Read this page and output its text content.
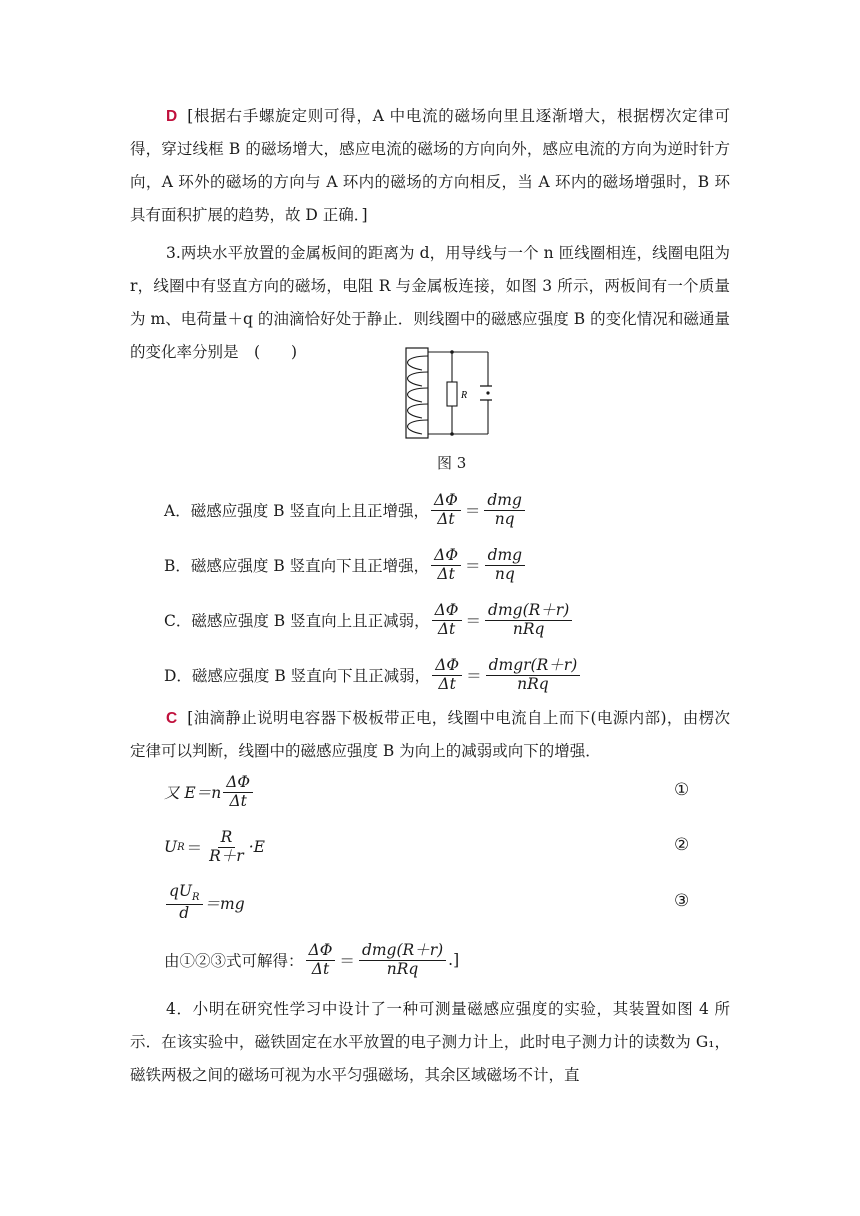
D [根据右手螺旋定则可得，A 中电流的磁场向里且逐渐增大，根据楞次定律可得，穿过线框 B 的磁场增大，感应电流的磁场的方向向外，感应电流的方向为逆时针方向，A 环外的磁场的方向与 A 环内的磁场的方向相反，当 A 环内的磁场增强时，B 环具有面积扩展的趋势，故 D 正确．]
3.两块水平放置的金属板间的距离为 d，用导线与一个 n 匝线圈相连，线圈电阻为 r，线圈中有竖直方向的磁场，电阻 R 与金属板连接，如图 3 所示，两板间有一个质量为 m、电荷量＋q 的油滴恰好处于静止．则线圈中的磁感应强度 B 的变化情况和磁通量的变化率分别是　(　　)
R
图 3
A．磁感应强度 B 竖直向上且正增强， $\frac{\Delta\Phi}{\Delta t} = \frac{\text{dmg}}{nq}$
B．磁感应强度 B 竖直向下且正增强， $\frac{\Delta\Phi}{\Delta t} = \frac{\text{dmg}}{nq}$
C．磁感应强度 B 竖直向上且正减弱， $\frac{\Delta\Phi}{\Delta t} = \frac{\text{dmg(R＋r)}}{\text{nRq}}$
D．磁感应强度 B 竖直向下且正减弱， $\frac{\Delta\Phi}{\Delta t} = \frac{\text{dmgr(R＋r)}}{\text{nRq}}$
C [油滴静止说明电容器下极板带正电，线圈中电流自上而下(电源内部)，由楞次定律可以判断，线圈中的磁感应强度 B 为向上的减弱或向下的增强．
又 $E=n \frac{\Delta\Phi}{\Delta t}$	①
U $R = \frac{R}{R+r} \cdot E$	②
$\frac{qU_R}{d} =mg$	③
由①②③式可解得： $\frac{\Delta\Phi}{\Delta t} = \frac{\text{dmg(R＋r)}}{\text{nRq}}$ .]
4．小明在研究性学习中设计了一种可测量磁感应强度的实验，其装置如图 4 所示．在该实验中，磁铁固定在水平放置的电子测力计上，此时电子测力计的读数为 G₁，磁铁两极之间的磁场可视为水平匀强磁场，其余区域磁场不计，直
